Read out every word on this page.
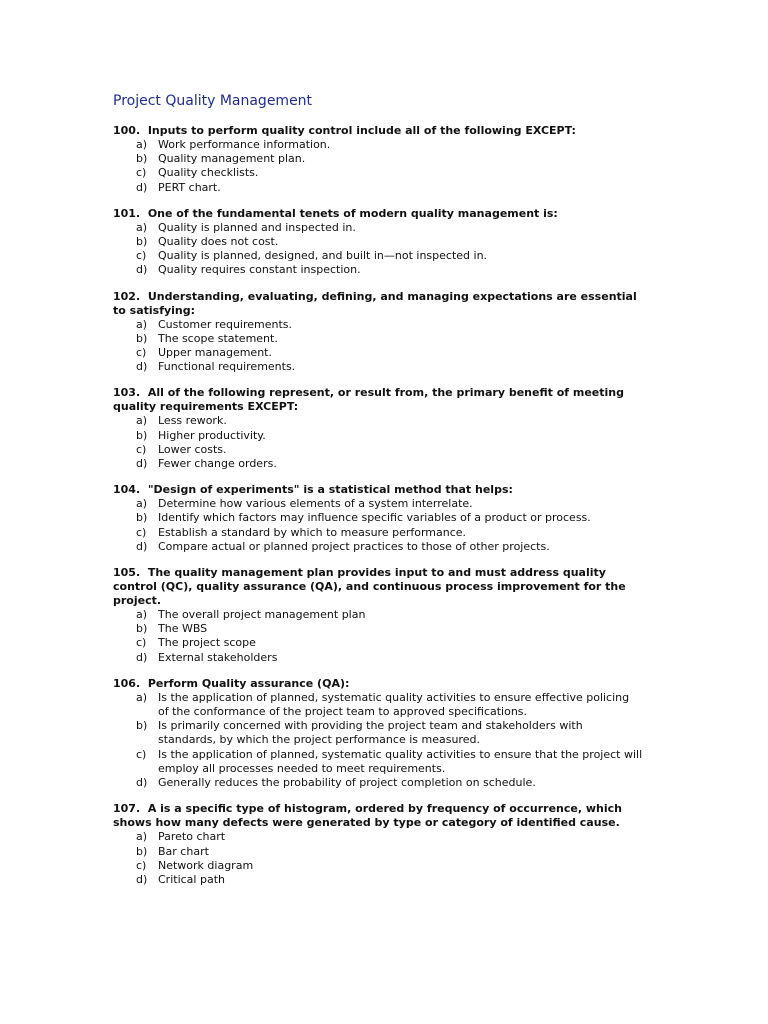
Project Quality Management

100. Inputs to perform quality control include all of the following EXCEPT:

a) Work performance information.
b) Quality management plan.
c)	Quality checklists.
d) PERT chart.

101. One of the fundamental tenets of modern quality management is:

a) Quality is planned and inspected in.
b) Quality does not cost.
c)	Quality is planned, designed, and built in—not inspected in.
d) Quality requires constant inspection.

102. Understanding, evaluating, defining, and managing expectations are essential to satisfying:

a) Customer requirements.
b) The scope statement.
c)	Upper management.
d) Functional requirements.

103. All of the following represent, or result from, the primary benefit of meeting quality requirements EXCEPT:

a) Less rework.
b) Higher productivity.
c)	Lower costs.
d) Fewer change orders.

104. "Design of experiments" is a statistical method that helps:

a) Determine how various elements of a system interrelate.
b) Identify which factors may influence specific variables of a product or process.
c)	Establish a standard by which to measure performance.
d) Compare actual or planned project practices to those of other projects.

105. The quality management plan provides input to and must address quality control (QC), quality assurance (QA), and continuous process improvement for the project.

a) The overall project management plan
b) The WBS
c)	The project scope
d) External stakeholders

106. Perform Quality assurance (QA):

a) Is the application of planned, systematic quality activities to ensure effective policing of the conformance of the project team to approved specifications.
b) Is primarily concerned with providing the project team and stakeholders with standards, by which the project performance is measured.
c)	Is the application of planned, systematic quality activities to ensure that the project will employ all processes needed to meet requirements.
d) Generally reduces the probability of project completion on schedule.

107. A is a specific type of histogram, ordered by frequency of occurrence, which shows how many defects were generated by type or category of identified cause.

a) Pareto chart
b) Bar chart
c)	Network diagram
d) Critical path
